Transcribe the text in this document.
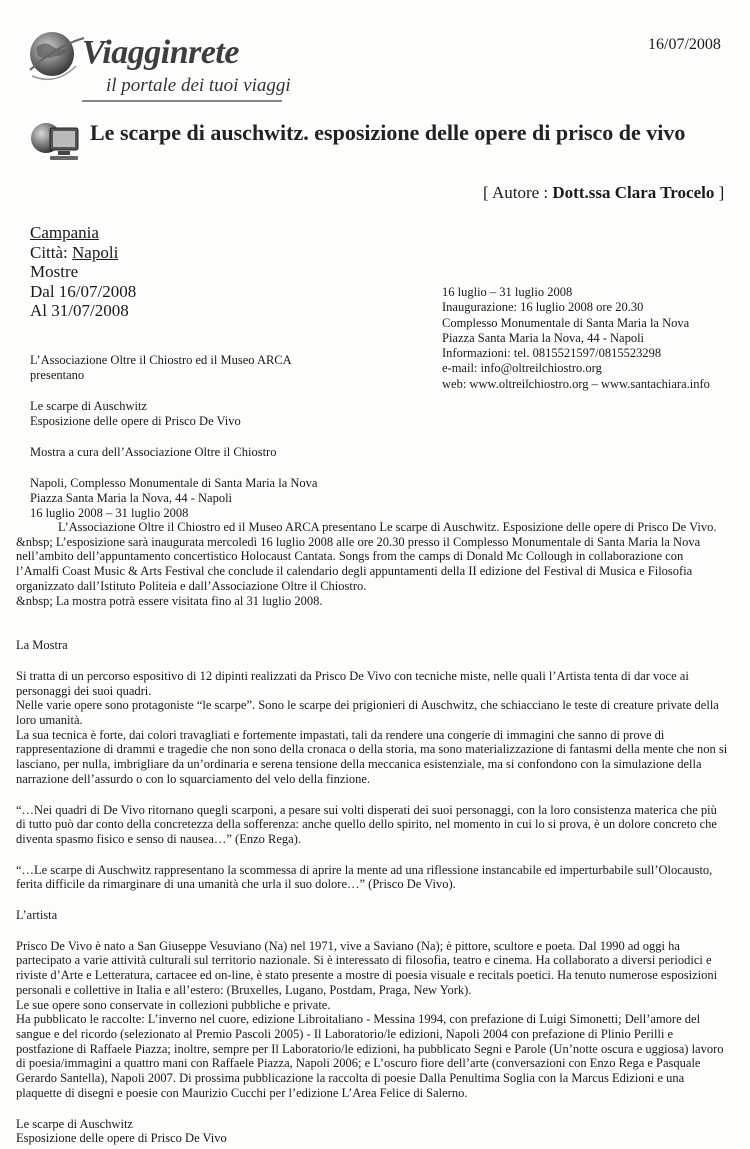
Viagginrete
il portale dei tuoi viaggi
16/07/2008
Le scarpe di auschwitz. esposizione delle opere di prisco de vivo
[ Autore : Dott.ssa Clara Trocelo ]
Campania
Città: Napoli
Mostre
Dal 16/07/2008
Al 31/07/2008
16 luglio – 31 luglio 2008
Inaugurazione: 16 luglio 2008 ore 20.30
Complesso Monumentale di Santa Maria la Nova
Piazza Santa Maria la Nova, 44 - Napoli
Informazioni: tel. 0815521597/0815523298
e-mail: info@oltreilchiostro.org
web: www.oltreilchiostro.org – www.santachiara.info
L’Associazione Oltre il Chiostro ed il Museo ARCA
presentano
Le scarpe di Auschwitz
Esposizione delle opere di Prisco De Vivo
Mostra a cura dell’Associazione Oltre il Chiostro
Napoli, Complesso Monumentale di Santa Maria la Nova
Piazza Santa Maria la Nova, 44 - Napoli
16 luglio 2008 – 31 luglio 2008

L’Associazione Oltre il Chiostro ed il Museo ARCA presentano Le scarpe di Auschwitz. Esposizione delle opere di Prisco De Vivo.

&nbsp; L’esposizione sarà inaugurata mercoledì 16 luglio 2008 alle ore 20.30 presso il Complesso Monumentale di Santa Maria la Nova nell’ambito dell’appuntamento concertistico Holocaust Cantata. Songs from the camps di Donald Mc Collough in collaborazione con l’Amalfi Coast Music & Arts Festival che conclude il calendario degli appuntamenti della II edizione del Festival di Musica e Filosofia organizzato dall’Istituto Politeia e dall’Associazione Oltre il Chiostro.

&nbsp; La mostra potrà essere visitata fino al 31 luglio 2008.

La Mostra

Si tratta di un percorso espositivo di 12 dipinti realizzati da Prisco De Vivo con tecniche miste, nelle quali l’Artista tenta di dar voce ai personaggi dei suoi quadri.

Nelle varie opere sono protagoniste “le scarpe”. Sono le scarpe dei prigionieri di Auschwitz, che schiacciano le teste di creature private della loro umanità.

La sua tecnica è forte, dai colori travagliati e fortemente impastati, tali da rendere una congerie di immagini che sanno di prove di rappresentazione di drammi e tragedie che non sono della cronaca o della storia, ma sono materializzazione di fantasmi della mente che non si lasciano, per nulla, imbrigliare da un’ordinaria e serena tensione della meccanica esistenziale, ma si confondono con la simulazione della narrazione dell’assurdo o con lo squarciamento del velo della finzione.

“…Nei quadri di De Vivo ritornano quegli scarponi, a pesare sui volti disperati dei suoi personaggi, con la loro consistenza materica che più di tutto può dar conto della concretezza della sofferenza: anche quello dello spirito, nel momento in cui lo si prova, è un dolore concreto che diventa spasmo fisico e senso di nausea…” (Enzo Rega).

“…Le scarpe di Auschwitz rappresentano la scommessa di aprire la mente ad una riflessione instancabile ed imperturbabile sull’Olocausto, ferita difficile da rimarginare di una umanità che urla il suo dolore…” (Prisco De Vivo).

L’artista

Prisco De Vivo è nato a San Giuseppe Vesuviano (Na) nel 1971, vive a Saviano (Na); è pittore, scultore e poeta. Dal 1990 ad oggi ha partecipato a varie attività culturali sul territorio nazionale. Si è interessato di filosofia, teatro e cinema. Ha collaborato a diversi periodici e riviste d’Arte e Letteratura, cartacee ed on-line, è stato presente a mostre di poesia visuale e recitals poetici. Ha tenuto numerose esposizioni personali e collettive in Italia e all’estero: (Bruxelles, Lugano, Postdam, Praga, New York).

Le sue opere sono conservate in collezioni pubbliche e private.

Ha pubblicato le raccolte: L’inverno nel cuore, edizione Libroitaliano - Messina 1994, con prefazione di Luigi Simonetti; Dell’amore del sangue e del ricordo (selezionato al Premio Pascoli 2005) - Il Laboratorio/le edizioni, Napoli 2004 con prefazione di Plinio Perilli e postfazione di Raffaele Piazza; inoltre, sempre per Il Laboratorio/le edizioni, ha pubblicato Segni e Parole (Un’notte oscura e uggiosa) lavoro di poesia/immagini a quattro mani con Raffaele Piazza, Napoli 2006; e L’oscuro fiore dell’arte (conversazioni con Enzo Rega e Pasquale Gerardo Santella), Napoli 2007. Di prossima pubblicazione la raccolta di poesie Dalla Penultima Soglia con la Marcus Edizioni e una plaquette di disegni e poesie con Maurizio Cucchi per l’edizione L’Area Felice di Salerno.

Le scarpe di Auschwitz

Esposizione delle opere di Prisco De Vivo
